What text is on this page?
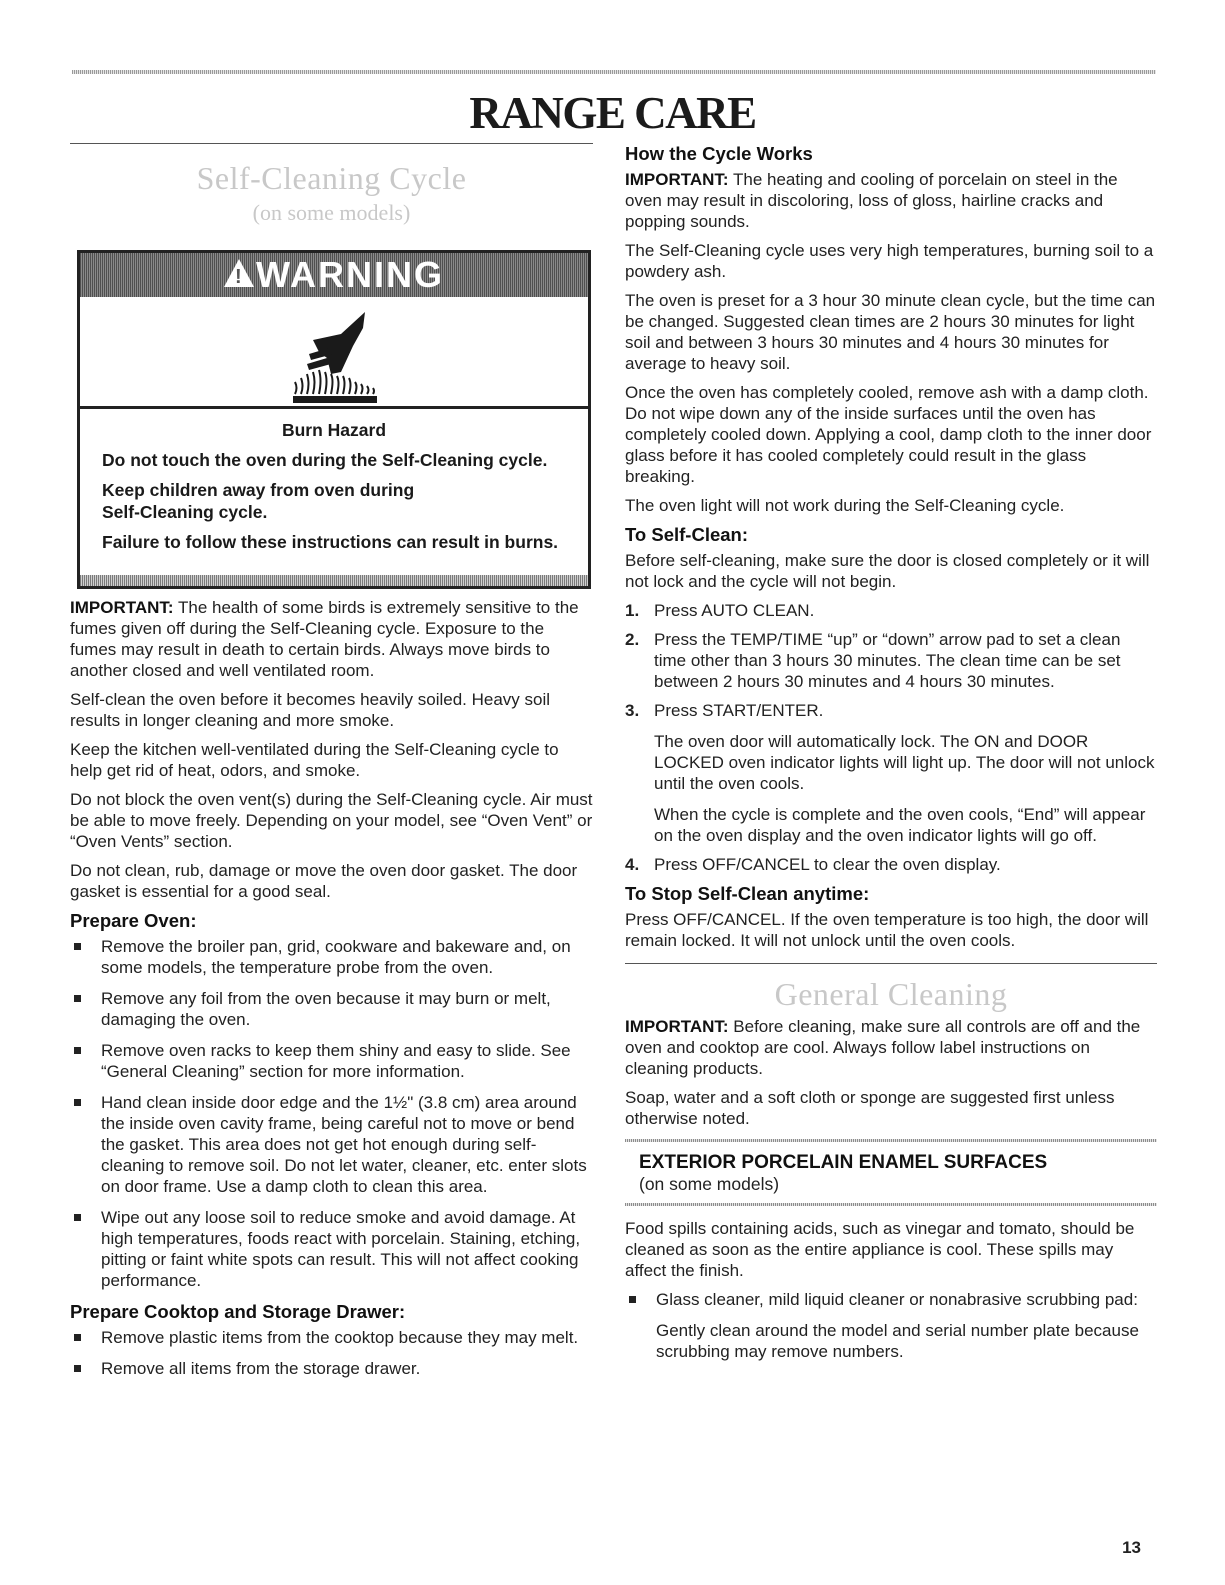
RANGE CARE
Self-Cleaning Cycle
(on some models)
!
WARNING

Burn Hazard

Do not touch the oven during the Self-Cleaning cycle.

Keep children away from oven during Self-Cleaning cycle.

Failure to follow these instructions can result in burns.

IMPORTANT: The health of some birds is extremely sensitive to the fumes given off during the Self-Cleaning cycle. Exposure to the fumes may result in death to certain birds. Always move birds to another closed and well ventilated room.

Self-clean the oven before it becomes heavily soiled. Heavy soil results in longer cleaning and more smoke.

Keep the kitchen well-ventilated during the Self-Cleaning cycle to help get rid of heat, odors, and smoke.

Do not block the oven vent(s) during the Self-Cleaning cycle. Air must be able to move freely. Depending on your model, see “Oven Vent” or “Oven Vents” section.

Do not clean, rub, damage or move the oven door gasket. The door gasket is essential for a good seal.

Prepare Oven:
Remove the broiler pan, grid, cookware and bakeware and, on some models, the temperature probe from the oven.
Remove any foil from the oven because it may burn or melt, damaging the oven.
Remove oven racks to keep them shiny and easy to slide. See “General Cleaning” section for more information.
Hand clean inside door edge and the 1½" (3.8 cm) area around the inside oven cavity frame, being careful not to move or bend the gasket. This area does not get hot enough during self-cleaning to remove soil. Do not let water, cleaner, etc. enter slots on door frame. Use a damp cloth to clean this area.
Wipe out any loose soil to reduce smoke and avoid damage. At high temperatures, foods react with porcelain. Staining, etching, pitting or faint white spots can result. This will not affect cooking performance.
Prepare Cooktop and Storage Drawer:
Remove plastic items from the cooktop because they may melt.
Remove all items from the storage drawer.
How the Cycle Works

IMPORTANT: The heating and cooling of porcelain on steel in the oven may result in discoloring, loss of gloss, hairline cracks and popping sounds.

The Self-Cleaning cycle uses very high temperatures, burning soil to a powdery ash.

The oven is preset for a 3 hour 30 minute clean cycle, but the time can be changed. Suggested clean times are 2 hours 30 minutes for light soil and between 3 hours 30 minutes and 4 hours 30 minutes for average to heavy soil.

Once the oven has completely cooled, remove ash with a damp cloth. Do not wipe down any of the inside surfaces until the oven has completely cooled down. Applying a cool, damp cloth to the inner door glass before it has cooled completely could result in the glass breaking.

The oven light will not work during the Self-Cleaning cycle.

To Self-Clean:

Before self-cleaning, make sure the door is closed completely or it will not lock and the cycle will not begin.

1. Press AUTO CLEAN.
2. Press the TEMP/TIME “up” or “down” arrow pad to set a clean time other than 3 hours 30 minutes. The clean time can be set between 2 hours 30 minutes and 4 hours 30 minutes.
3. Press START/ENTER.

The oven door will automatically lock. The ON and DOOR LOCKED oven indicator lights will light up. The door will not unlock until the oven cools.

When the cycle is complete and the oven cools, “End” will appear on the oven display and the oven indicator lights will go off.

4. Press OFF/CANCEL to clear the oven display.
To Stop Self-Clean anytime:

Press OFF/CANCEL. If the oven temperature is too high, the door will remain locked. It will not unlock until the oven cools.

General Cleaning

IMPORTANT: Before cleaning, make sure all controls are off and the oven and cooktop are cool. Always follow label instructions on cleaning products.

Soap, water and a soft cloth or sponge are suggested first unless otherwise noted.

EXTERIOR PORCELAIN ENAMEL SURFACES
(on some models)

Food spills containing acids, such as vinegar and tomato, should be cleaned as soon as the entire appliance is cool. These spills may affect the finish.

Glass cleaner, mild liquid cleaner or nonabrasive scrubbing pad:

Gently clean around the model and serial number plate because scrubbing may remove numbers.

13
